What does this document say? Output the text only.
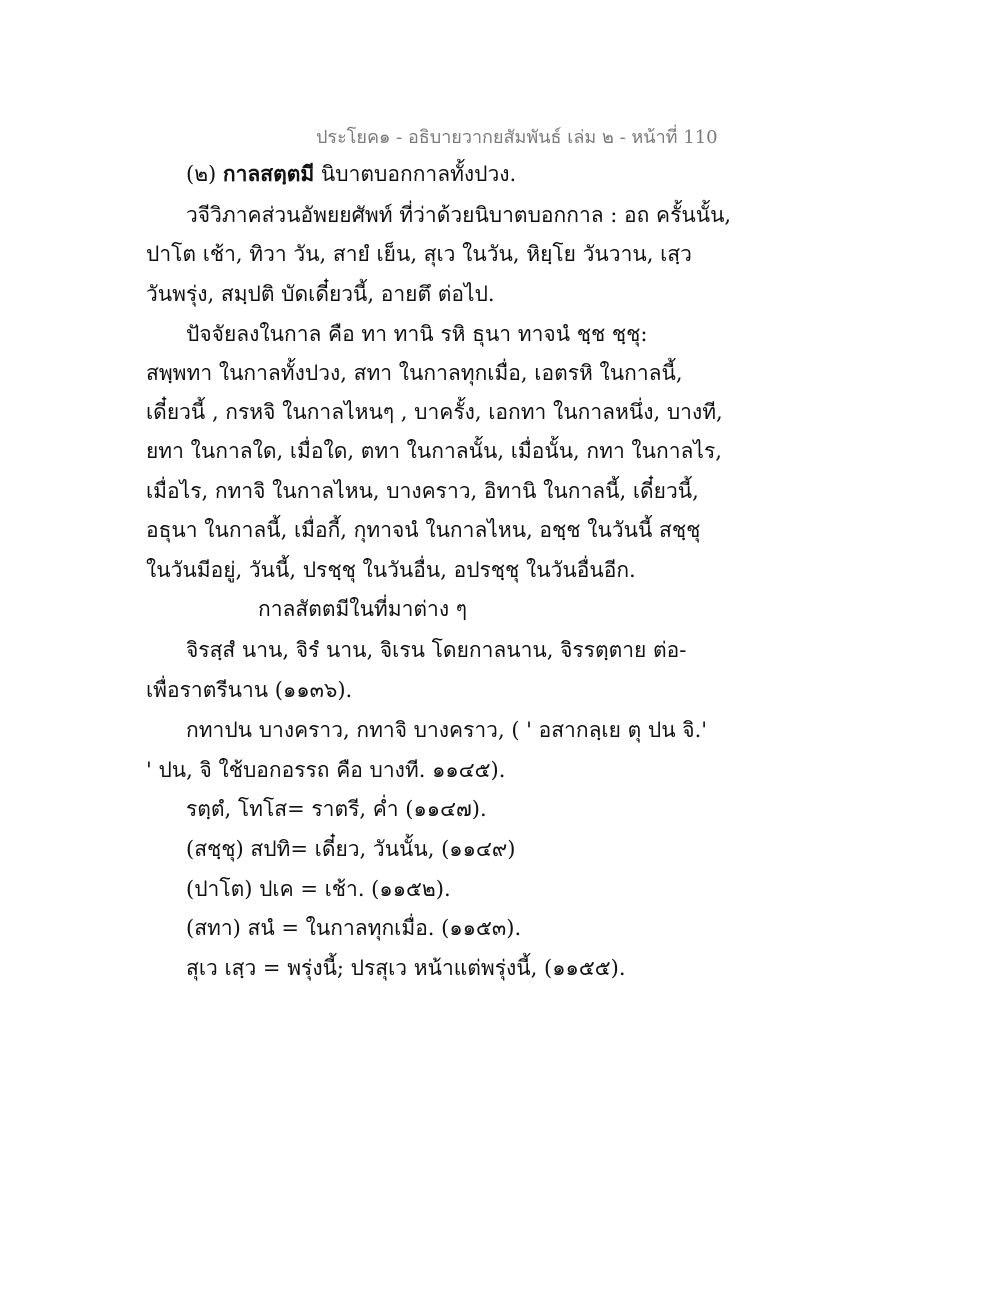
ประโยค๑ - อธิบายวากยสัมพันธ์ เล่ม ๒ - หน้าที่ 110
(๒) กาลสตฺตมี นิบาตบอกกาลทั้งปวง.
วจีวิภาคส่วนอัพยยศัพท์ ที่ว่าด้วยนิบาตบอกกาล : อถ ครั้นนั้น,
ปาโต เช้า, ทิวา วัน, สายํ เย็น, สุเว ในวัน, หิยฺโย วันวาน, เสฺว
วันพรุ่ง, สมฺปติ บัดเดี๋ยวนี้, อายตึ ต่อไป.
ปัจจัยลงในกาล คือ ทา ทานิ รหิ ธุนา ทาจนํ ชฺช ชฺชุ:
สพฺพทา ในกาลทั้งปวง, สทา ในกาลทุกเมื่อ, เอตรหิ ในกาลนี้,
เดี๋ยวนี้ , กรหจิ ในกาลไหนๆ , บาครั้ง, เอกทา ในกาลหนึ่ง, บางที,
ยทา ในกาลใด, เมื่อใด, ตทา ในกาลนั้น, เมื่อนั้น, กทา ในกาลไร,
เมื่อไร, กทาจิ ในกาลไหน, บางคราว, อิทานิ ในกาลนี้, เดี๋ยวนี้,
อธุนา ในกาลนี้, เมื่อกี้, กุทาจนํ ในกาลไหน, อชฺช ในวันนี้ สชฺชุ
ในวันมีอยู่, วันนี้, ปรชฺชุ ในวันอื่น, อปรชฺชุ ในวันอื่นอีก.
กาลสัตตมีในที่มาต่าง ๆ
จิรสฺสํ นาน, จิรํ นาน, จิเรน โดยกาลนาน, จิรรตฺตาย ต่อ-
เพื่อราตรีนาน (๑๑๓๖).
กทาปน บางคราว, กทาจิ บางคราว, ( ' อสากลฺเย ตุ ปน จิ.'
' ปน, จิ ใช้บอกอรรถ คือ บางที. ๑๑๔๕).
รตฺตํ, โทโส= ราตรี, ค่ำ (๑๑๔๗).
(สชฺชุ) สปทิ= เดี๋ยว, วันนั้น, (๑๑๔๙)
(ปาโต) ปเค = เช้า. (๑๑๕๒).
(สทา) สนํ = ในกาลทุกเมื่อ. (๑๑๕๓).
สุเว เสฺว = พรุ่งนี้; ปรสุเว หน้าแต่พรุ่งนี้, (๑๑๕๕).
